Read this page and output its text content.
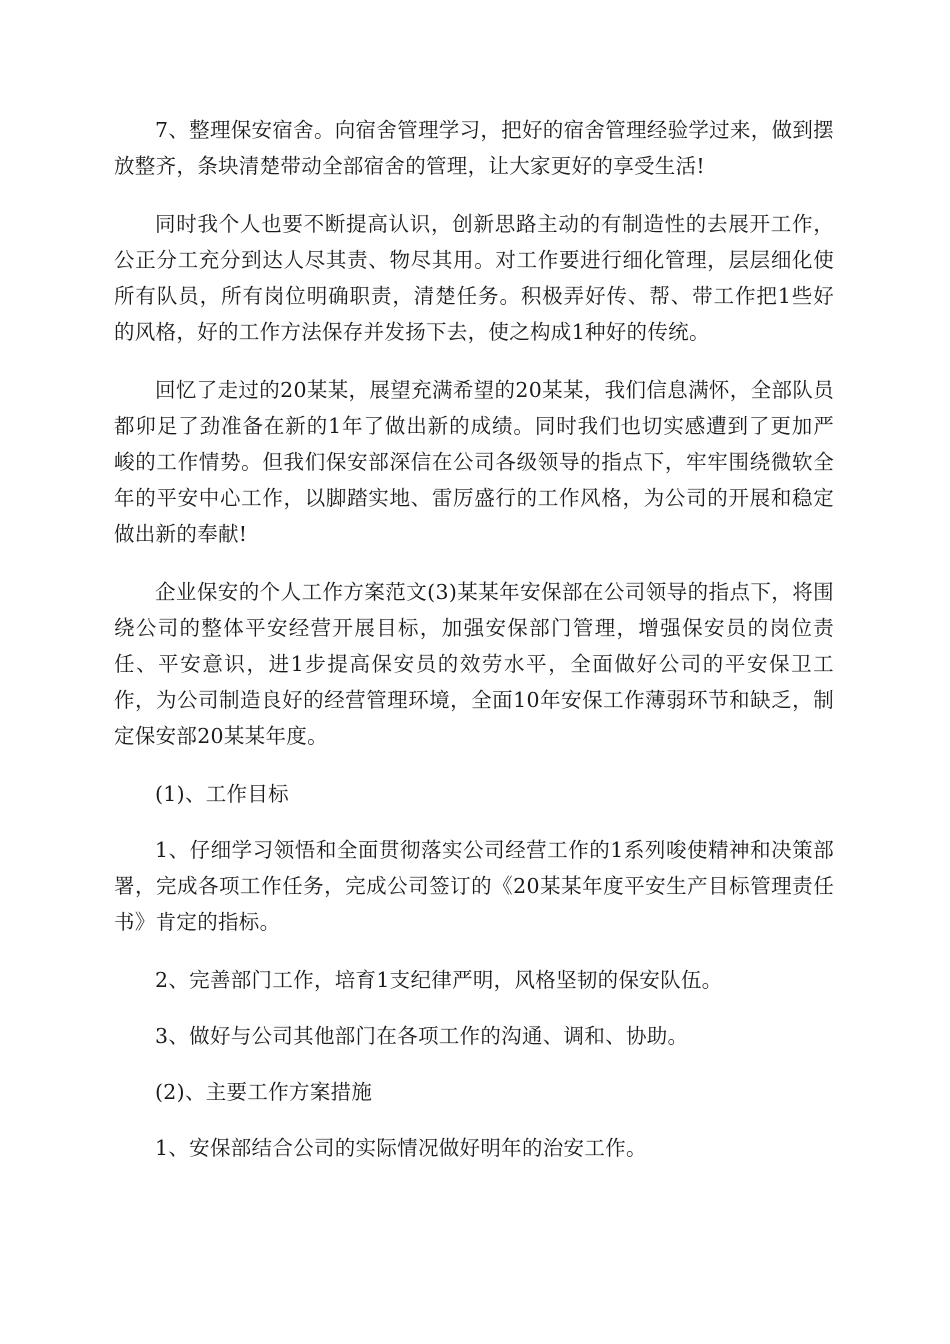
7、整理保安宿舍。向宿舍管理学习，把好的宿舍管理经验学过来，做到摆放整齐，条块清楚带动全部宿舍的管理，让大家更好的享受生活!

同时我个人也要不断提高认识，创新思路主动的有制造性的去展开工作，公正分工充分到达人尽其责、物尽其用。对工作要进行细化管理，层层细化使所有队员，所有岗位明确职责，清楚任务。积极弄好传、帮、带工作把1些好的风格，好的工作方法保存并发扬下去，使之构成1种好的传统。

回忆了走过的20某某，展望充满希望的20某某，我们信息满怀，全部队员都卯足了劲准备在新的1年了做出新的成绩。同时我们也切实感遭到了更加严峻的工作情势。但我们保安部深信在公司各级领导的指点下，牢牢围绕微软全年的平安中心工作，以脚踏实地、雷厉盛行的工作风格，为公司的开展和稳定做出新的奉献!

企业保安的个人工作方案范文(3)某某年安保部在公司领导的指点下，将围绕公司的整体平安经营开展目标，加强安保部门管理，增强保安员的岗位责任、平安意识，进1步提高保安员的效劳水平，全面做好公司的平安保卫工作，为公司制造良好的经营管理环境，全面10年安保工作薄弱环节和缺乏，制定保安部20某某年度。

(1)、工作目标

1、仔细学习领悟和全面贯彻落实公司经营工作的1系列唆使精神和决策部署，完成各项工作任务，完成公司签订的《20某某年度平安生产目标管理责任书》肯定的指标。

2、完善部门工作，培育1支纪律严明，风格坚韧的保安队伍。

3、做好与公司其他部门在各项工作的沟通、调和、协助。

(2)、主要工作方案措施

1、安保部结合公司的实际情况做好明年的治安工作。
